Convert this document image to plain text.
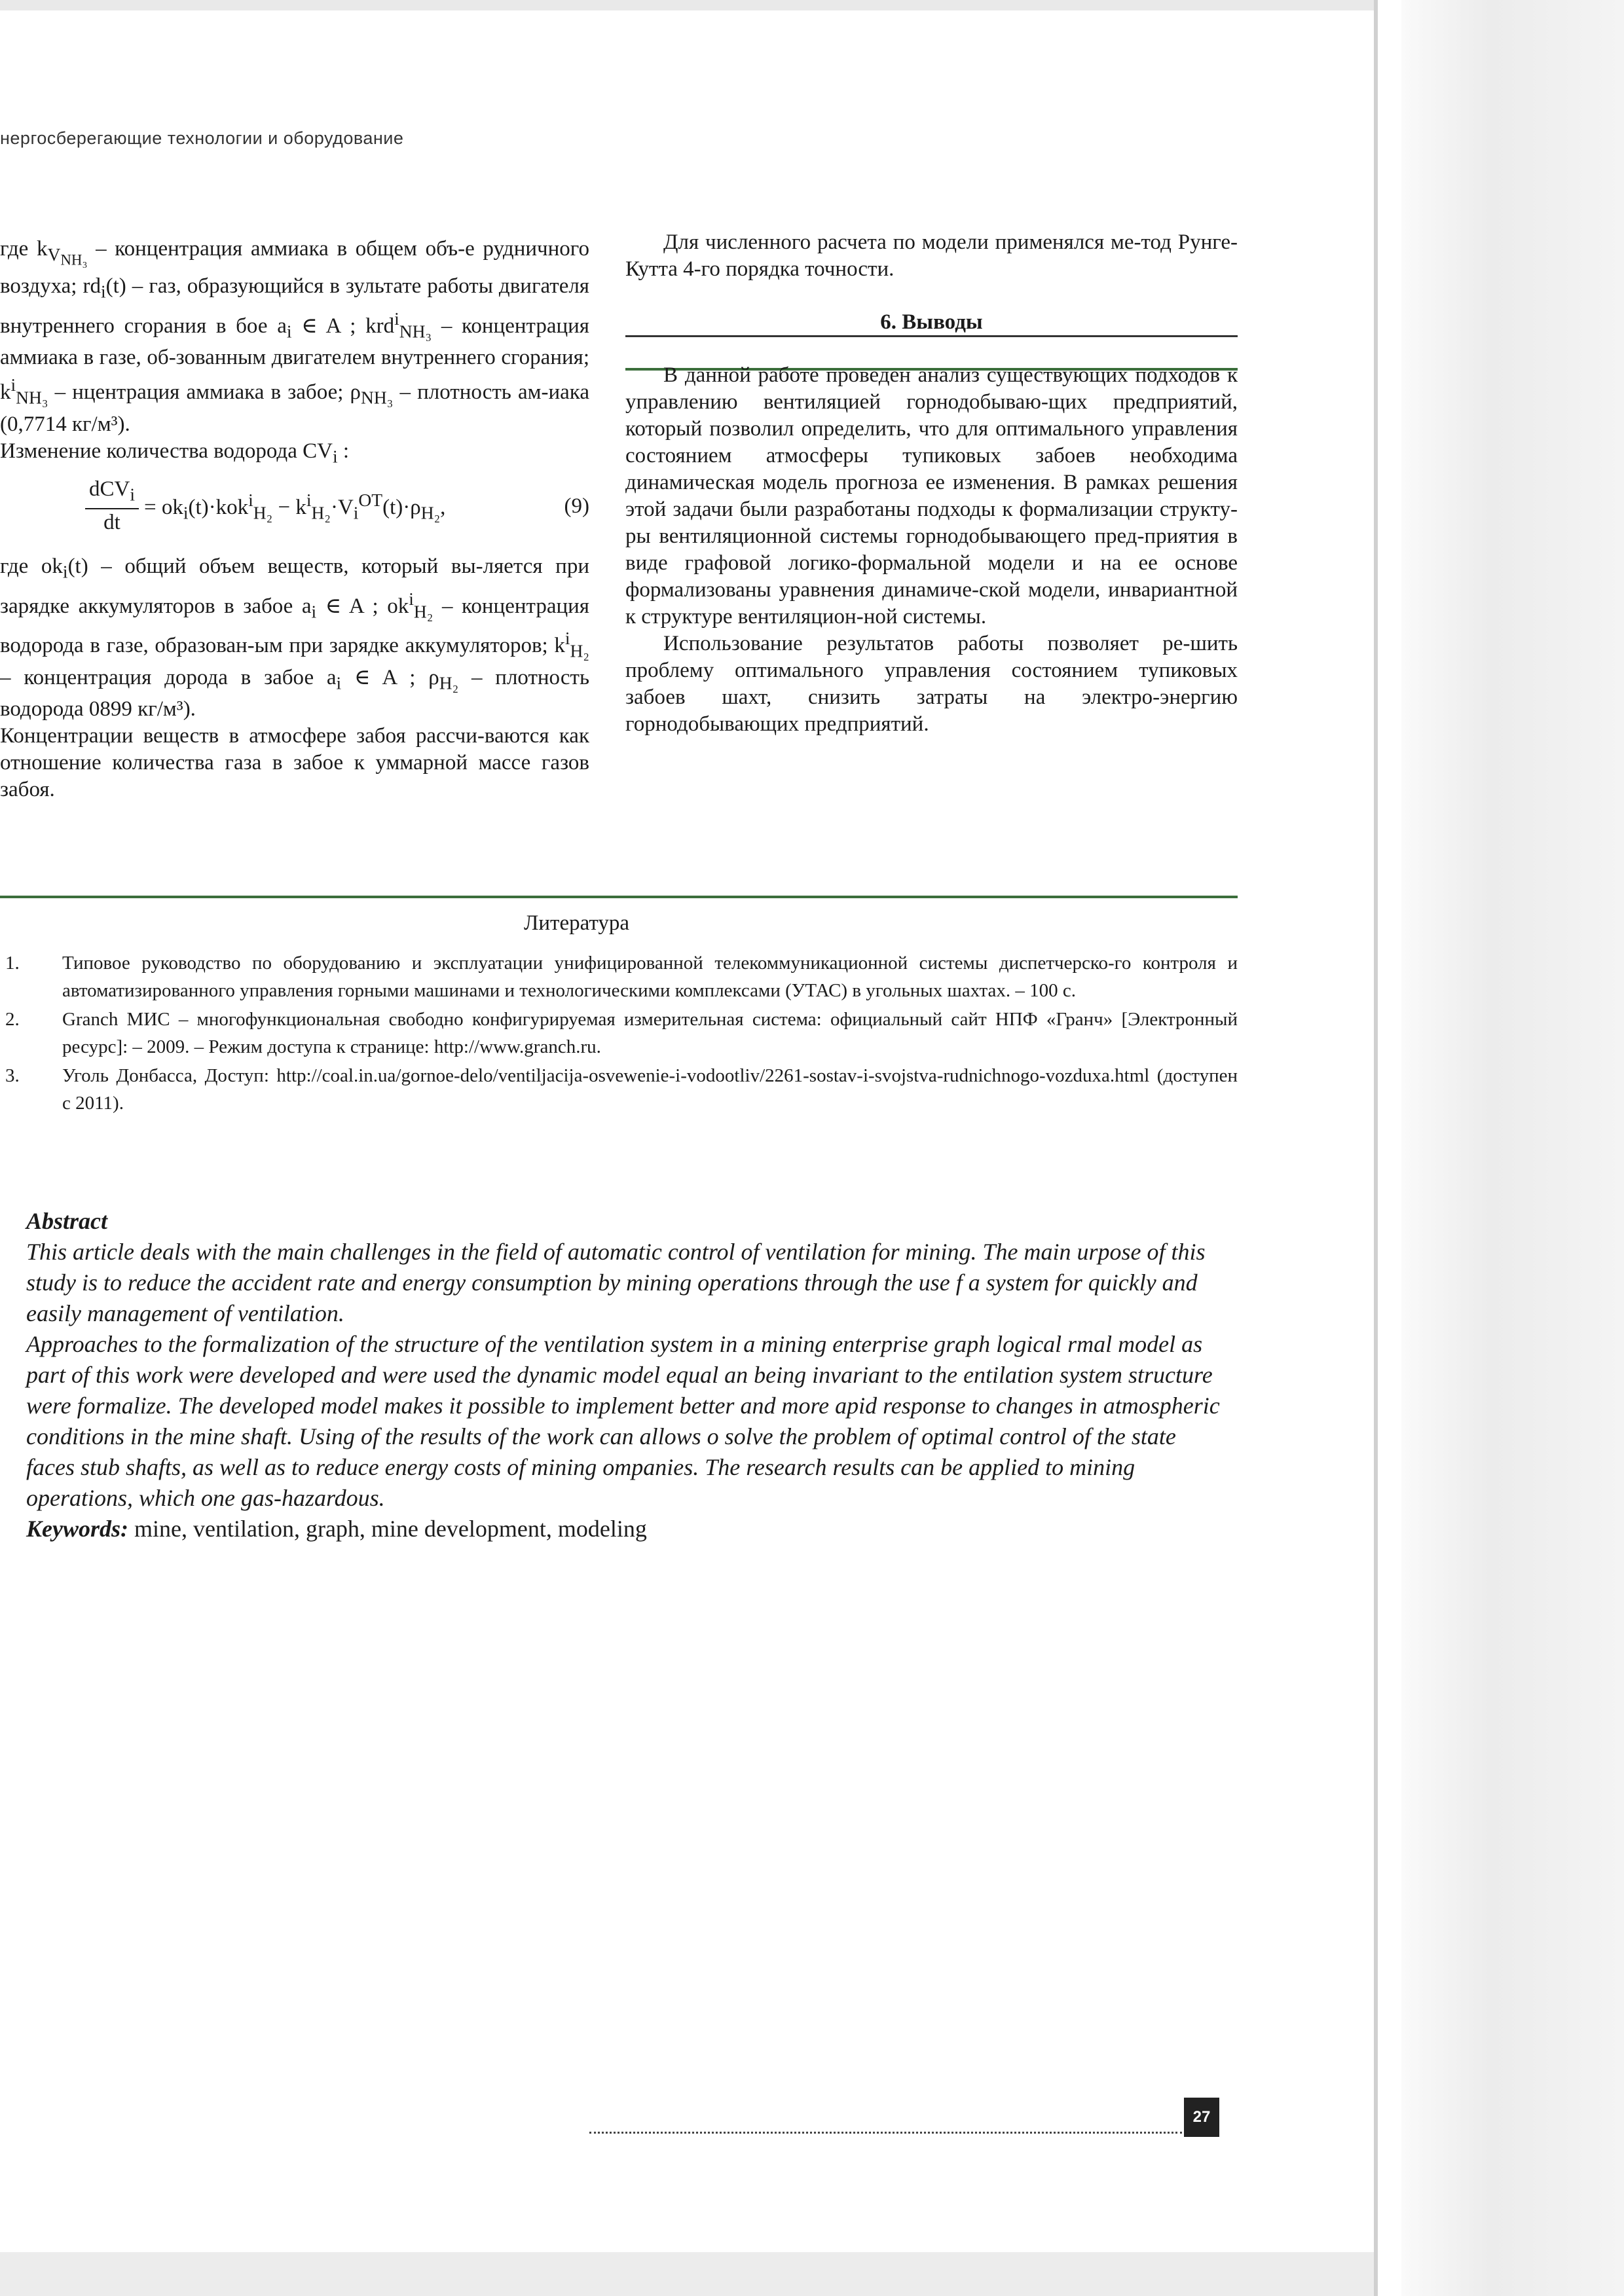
нергосберегающие технологии и оборудование

где $k_{V_{NH_3}}$ – концентрация аммиака в общем объ-е рудничного воздуха; $rd_i(t)$ – газ, образующийся в зультате работы двигателя внутреннего сгорания в бое $a_i$ ∈ A ; krd$^i_{NH_3}$ – концентрация аммиака в газе, об-зованным двигателем внутреннего сгорания; $k^i_{NH_3}$ – нцентрация аммиака в забое; $\rho_{NH_3}$ – плотность ам-иака (0,7714 кг/м³).

Изменение количества водорода $CV_i$ :

$\frac{dCV_i}{dt} = ok_i(t)\cdot kok^i_{H_2} - k^i_{H_2}\cdot V_i^{OT}(t)\cdot\rho_{H_2}$,	(9)

где $ok_i(t)$ – общий объем веществ, который вы-ляется при зарядке аккумуляторов в забое $a_i$ ∈ A ; $ok^i_{H_2}$ – концентрация водорода в газе, образован-ым при зарядке аккумуляторов; $k^i_{H_2}$ – концентрация дорода в забое $a_i$ ∈ A ; $\rho_{H_2}$ – плотность водорода 0899 кг/м³).

Концентрации веществ в атмосфере забоя рассчи-ваются как отношение количества газа в забое к уммарной массе газов забоя.

Для численного расчета по модели применялся ме-тод Рунге-Кутта 4-го порядка точности.

6. Выводы

В данной работе проведен анализ существующих подходов к управлению вентиляцией горнодобываю-щих предприятий, который позволил определить, что для оптимального управления состоянием атмосферы тупиковых забоев необходима динамическая модель прогноза ее изменения. В рамках решения этой задачи были разработаны подходы к формализации структу-ры вентиляционной системы горнодобывающего пред-приятия в виде графовой логико-формальной модели и на ее основе формализованы уравнения динамиче-ской модели, инвариантной к структуре вентиляцион-ной системы.

Использование результатов работы позволяет ре-шить проблему оптимального управления состоянием тупиковых забоев шахт, снизить затраты на электро-энергию горнодобывающих предприятий.

Литература
1. Типовое руководство по оборудованию и эксплуатации унифицированной телекоммуникационной системы диспетчерско-го контроля и автоматизированного управления горными машинами и технологическими комплексами (УТАС) в угольных шахтах. – 100 с.
2. Granch МИС – многофункциональная свободно конфигурируемая измерительная система: официальный сайт НПФ «Гранч» [Электронный ресурс]: – 2009. – Режим доступа к странице: http://www.granch.ru.
3. Уголь Донбасса, Доступ: http://coal.in.ua/gornoe-delo/ventiljacija-osvewenie-i-vodootliv/2261-sostav-i-svojstva-rudnichnogo-vozduxa.html (доступен с 2011).

Abstract

This article deals with the main challenges in the field of automatic control of ventilation for mining. The main urpose of this study is to reduce the accident rate and energy consumption by mining operations through the use f a system for quickly and easily management of ventilation.

Approaches to the formalization of the structure of the ventilation system in a mining enterprise graph logical rmal model as part of this work were developed and were used the dynamic model equal an being invariant to the entilation system structure were formalize. The developed model makes it possible to implement better and more apid response to changes in atmospheric conditions in the mine shaft. Using of the results of the work can allows o solve the problem of optimal control of the state faces stub shafts, as well as to reduce energy costs of mining ompanies. The research results can be applied to mining operations, which one gas-hazardous.

Keywords: mine, ventilation, graph, mine development, modeling

27
